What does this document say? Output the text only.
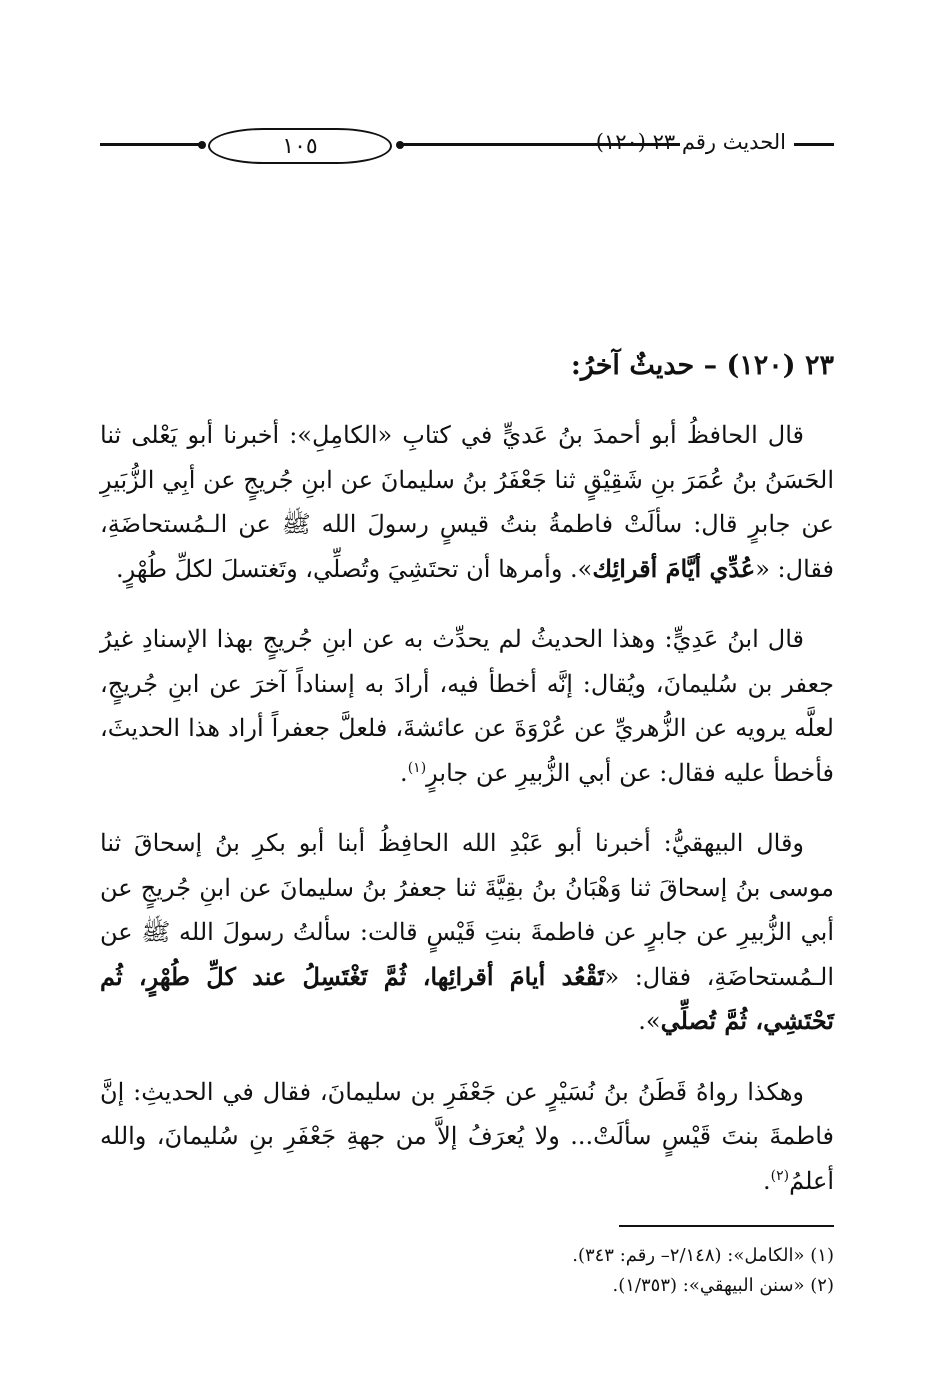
١٠٥	الحديث رقم ٢٣ (١٢٠)
٢٣ (١٢٠) – حديثٌ آخرُ:

قال الحافظُ أبو أحمدَ بنُ عَديٍّ في كتابِ «الكامِلِ»: أخبرنا أبو يَعْلى ثنا الحَسَنُ بنُ عُمَرَ بنِ شَقِيْقٍ ثنا جَعْفَرُ بنُ سليمانَ عن ابنِ جُريجٍ عن أبِي الزُّبَيرِ عن جابرٍ قال: سألَتْ فاطمةُ بنتُ قيسٍ رسولَ الله ﷺ عن الـمُستحاضَةِ، فقال: «عُدِّي أيَّامَ أقرائِك». وأمرها أن تحتَشِيَ وتُصلِّي، وتَغتسلَ لكلِّ طُهْرٍ.

قال ابنُ عَدِيٍّ: وهذا الحديثُ لم يحدِّث به عن ابنِ جُريجٍ بهذا الإسنادِ غيرُ جعفر بن سُليمانَ، ويُقال: إنَّه أخطأ فيه، أرادَ به إسناداً آخرَ عن ابنِ جُريجٍ، لعلَّه يرويه عن الزُّهريِّ عن عُرْوَةَ عن عائشةَ، فلعلَّ جعفراً أراد هذا الحديثَ، فأخطأ عليه فقال: عن أبي الزُّبيرِ عن جابرٍ$^{(١)}$.

وقال البيهقيُّ: أخبرنا أبو عَبْدِ الله الحافِظُ أبنا أبو بكرِ بنُ إسحاقَ ثنا موسى بنُ إسحاقَ ثنا وَهْبَانُ بنُ بقِيَّةَ ثنا جعفرُ بنُ سليمانَ عن ابنِ جُريجٍ عن أبي الزُّبيرِ عن جابرٍ عن فاطمةَ بنتِ قَيْسٍ قالت: سألتُ رسولَ الله ﷺ عن الـمُستحاضَةِ، فقال: «تَقْعُد أيامَ أقرائِها، ثُمَّ تَغْتَسِلُ عند كلِّ طُهْرٍ، ثُم تَحْتَشِي، ثُمَّ تُصلِّي».

وهكذا رواهُ قَطَنُ بنُ نُسَيْرٍ عن جَعْفَرِ بن سليمانَ، فقال في الحديثِ: إنَّ فاطمةَ بنتَ قَيْسٍ سألَتْ... ولا يُعرَفُ إلاَّ من جهةِ جَعْفَرِ بنِ سُليمانَ، والله أعلمُ$^{(٢)}$.

(١) «الكامل»: (٢/١٤٨– رقم: ٣٤٣).

(٢) «سنن البيهقي»: (١/٣٥٣).
